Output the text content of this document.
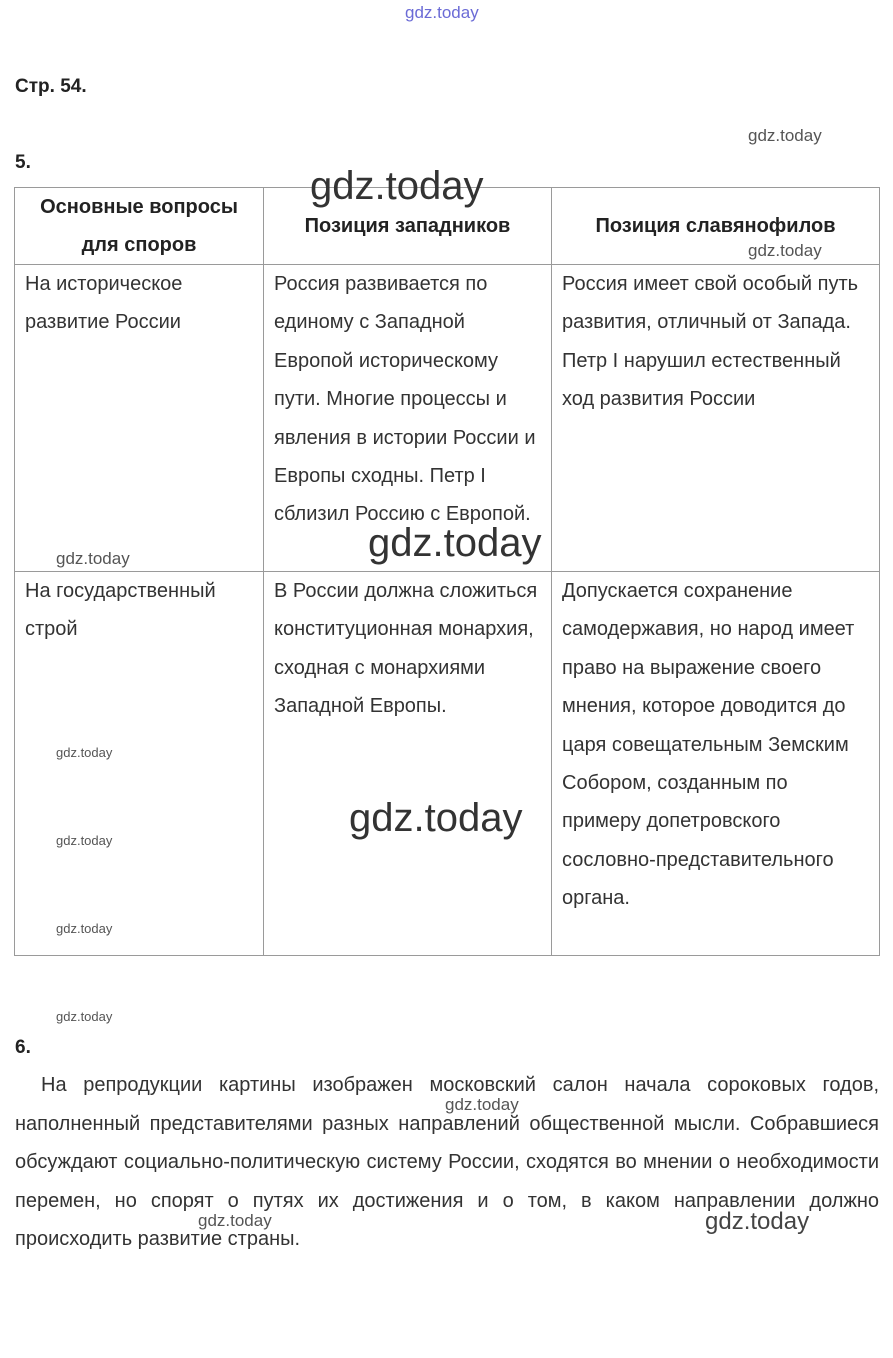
Стр. 54.
5.
Основные вопросы для споров	Позиция западников	Позиция славянофилов
На историческое развитие России	Россия развивается по единому с Западной Европой историческому пути. Многие процессы и явления в истории России и Европы сходны. Петр I сблизил Россию с Европой.	Россия имеет свой особый путь развития, отличный от Запада. Петр I нарушил естественный ход развития России
На государственный строй	В России должна сложиться конституционная монархия, сходная с монархиями Западной Европы.	Допускается сохранение самодержавия, но народ имеет право на выражение своего мнения, которое доводится до царя совещательным Земским Собором, созданным по примеру допетровского сословно-представительного органа.
6.

На репродукции картины изображен московский салон начала сороковых годов, наполненный представителями разных направлений общественной мысли. Собравшиеся обсуждают социально-политическую систему России, сходятся во мнении о необходимости перемен, но спорят о путях их достижения и о том, в каком направлении должно происходить развитие страны.

gdz.today
gdz.today
gdz.today
gdz.today
gdz.today	gdz.today
gdz.today
gdz.today
gdz.today
gdz.today
gdz.today
gdz.today
gdz.today	gdz.today
